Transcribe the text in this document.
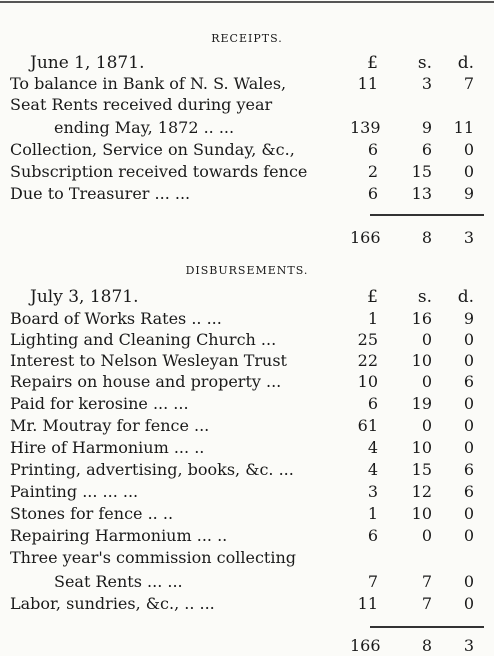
RECEIPTS.
June 1, 1871.	£	s.	d.
To balance in Bank of N. S. Wales,	11	3	7
Seat Rents received during year
ending May, 1872 .. ...	139	9	11
Collection, Service on Sunday, &c.,	6	6	0
Subscription received towards fence	2	15	0
Due to Treasurer ... ...	6	13	9
166	8	3
DISBURSEMENTS.
July 3, 1871.	£	s.	d.
Board of Works Rates .. ...	1	16	9
Lighting and Cleaning Church ...	25	0	0
Interest to Nelson Wesleyan Trust	22	10	0
Repairs on house and property ...	10	0	6
Paid for kerosine ... ...	6	19	0
Mr. Moutray for fence ...	61	0	0
Hire of Harmonium ... ..	4	10	0
Printing, advertising, books, &c. ...	4	15	6
Painting ... ... ...	3	12	6
Stones for fence .. ..	1	10	0
Repairing Harmonium ... ..	6	0	0
Three year's commission collecting
Seat Rents ... ...	7	7	0
Labor, sundries, &c., .. ...	11	7	0
166	8	3
